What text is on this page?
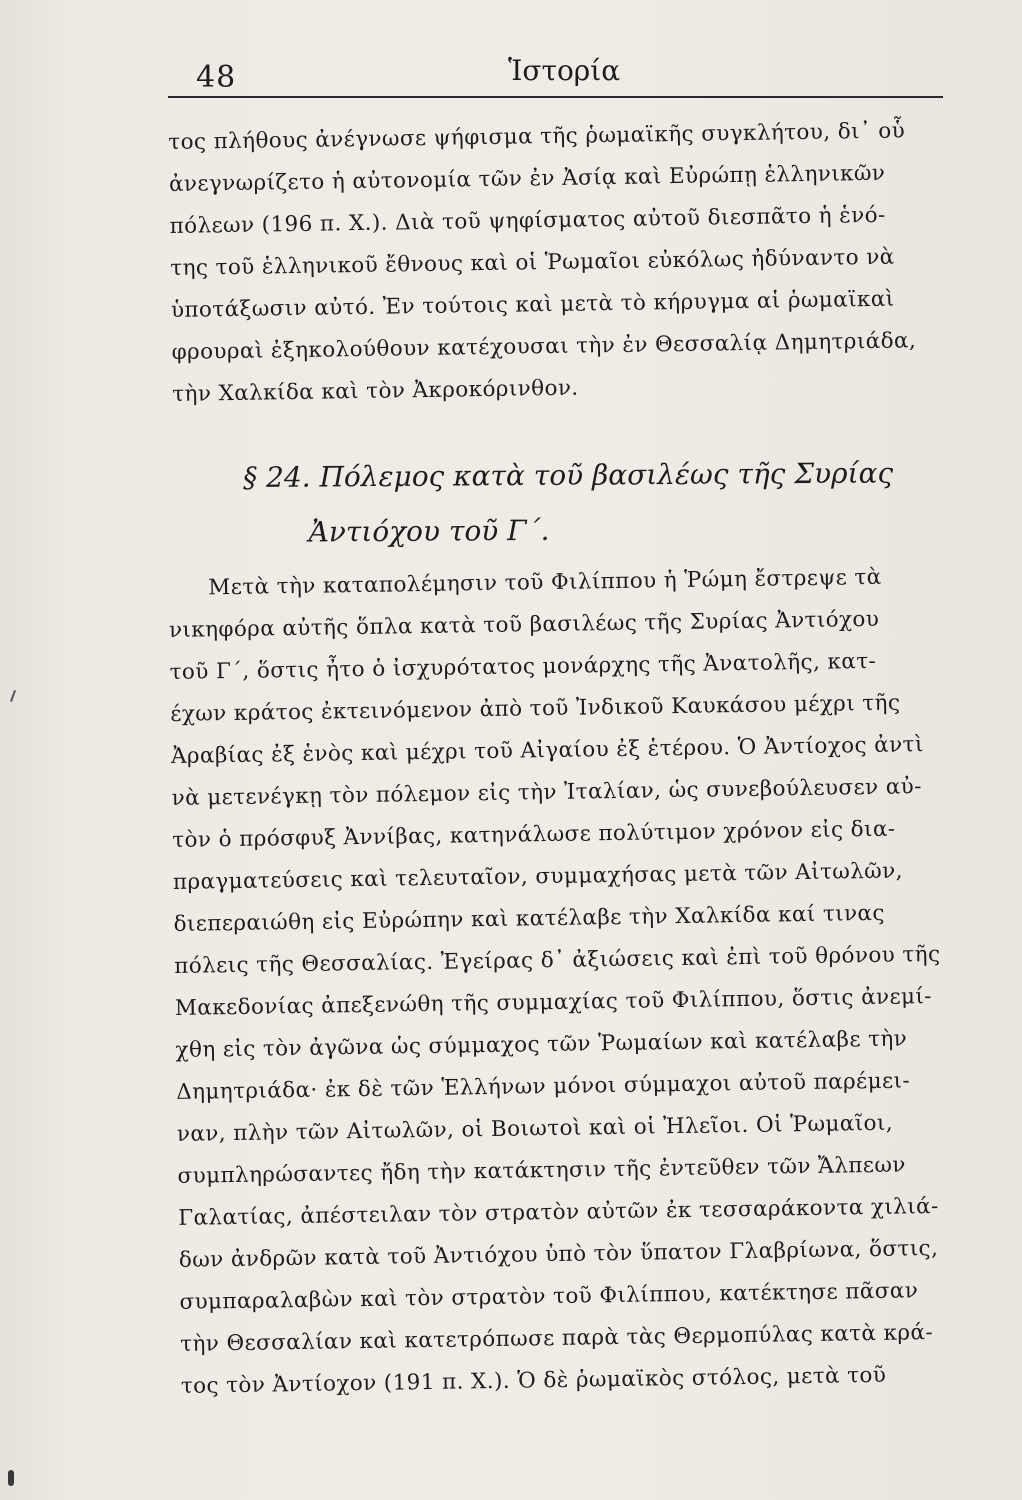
48	Ἱστορία
τος πλήθους ἀνέγνωσε ψήφισμα τῆς ῥωμαϊκῆς συγκλήτου, δι᾽ οὗ
ἀνεγνωρίζετο ἡ αὐτονομία τῶν ἐν Ἀσίᾳ καὶ Εὐρώπῃ ἑλληνικῶν
πόλεων (196 π. Χ.). Διὰ τοῦ ψηφίσματος αὐτοῦ διεσπᾶτο ἡ ἑνό-
της τοῦ ἑλληνικοῦ ἔθνους καὶ οἱ Ῥωμαῖοι εὐκόλως ἠδύναντο νὰ
ὑποτάξωσιν αὐτό. Ἐν τούτοις καὶ μετὰ τὸ κήρυγμα αἱ ῥωμαϊκαὶ
φρουραὶ ἐξηκολούθουν κατέχουσαι τὴν ἐν Θεσσαλίᾳ Δημητριάδα,
τὴν Χαλκίδα καὶ τὸν Ἀκροκόρινθον.
§ 24. Πόλεμος κατὰ τοῦ βασιλέως τῆς Συρίας
Ἀντιόχου τοῦ Γ΄.
Μετὰ τὴν καταπολέμησιν τοῦ Φιλίππου ἡ Ῥώμη ἔστρεψε τὰ
νικηφόρα αὐτῆς ὅπλα κατὰ τοῦ βασιλέως τῆς Συρίας Ἀντιόχου
τοῦ Γ΄, ὅστις ἦτο ὁ ἰσχυρότατος μονάρχης τῆς Ἀνατολῆς, κατ-
έχων κράτος ἐκτεινόμενον ἀπὸ τοῦ Ἰνδικοῦ Καυκάσου μέχρι τῆς
Ἀραβίας ἐξ ἑνὸς καὶ μέχρι τοῦ Αἰγαίου ἐξ ἑτέρου. Ὁ Ἀντίοχος ἀντὶ
νὰ μετενέγκῃ τὸν πόλεμον εἰς τὴν Ἰταλίαν, ὡς συνεβούλευσεν αὐ-
τὸν ὁ πρόσφυξ Ἀννίβας, κατηνάλωσε πολύτιμον χρόνον εἰς δια-
πραγματεύσεις καὶ τελευταῖον, συμμαχήσας μετὰ τῶν Αἰτωλῶν,
διεπεραιώθη εἰς Εὐρώπην καὶ κατέλαβε τὴν Χαλκίδα καί τινας
πόλεις τῆς Θεσσαλίας. Ἐγείρας δ᾽ ἀξιώσεις καὶ ἐπὶ τοῦ θρόνου τῆς
Μακεδονίας ἀπεξενώθη τῆς συμμαχίας τοῦ Φιλίππου, ὅστις ἀνεμί-
χθη εἰς τὸν ἀγῶνα ὡς σύμμαχος τῶν Ῥωμαίων καὶ κατέλαβε τὴν
Δημητριάδα· ἐκ δὲ τῶν Ἑλλήνων μόνοι σύμμαχοι αὐτοῦ παρέμει-
ναν, πλὴν τῶν Αἰτωλῶν, οἱ Βοιωτοὶ καὶ οἱ Ἠλεῖοι. Οἱ Ῥωμαῖοι,
συμπληρώσαντες ἤδη τὴν κατάκτησιν τῆς ἐντεῦθεν τῶν Ἄλπεων
Γαλατίας, ἀπέστειλαν τὸν στρατὸν αὐτῶν ἐκ τεσσαράκοντα χιλιά-
δων ἀνδρῶν κατὰ τοῦ Ἀντιόχου ὑπὸ τὸν ὕπατον Γλαβρίωνα, ὅστις,
συμπαραλαβὼν καὶ τὸν στρατὸν τοῦ Φιλίππου, κατέκτησε πᾶσαν
τὴν Θεσσαλίαν καὶ κατετρόπωσε παρὰ τὰς Θερμοπύλας κατὰ κρά-
τος τὸν Ἀντίοχον (191 π. Χ.). Ὁ δὲ ῥωμαϊκὸς στόλος, μετὰ τοῦ
